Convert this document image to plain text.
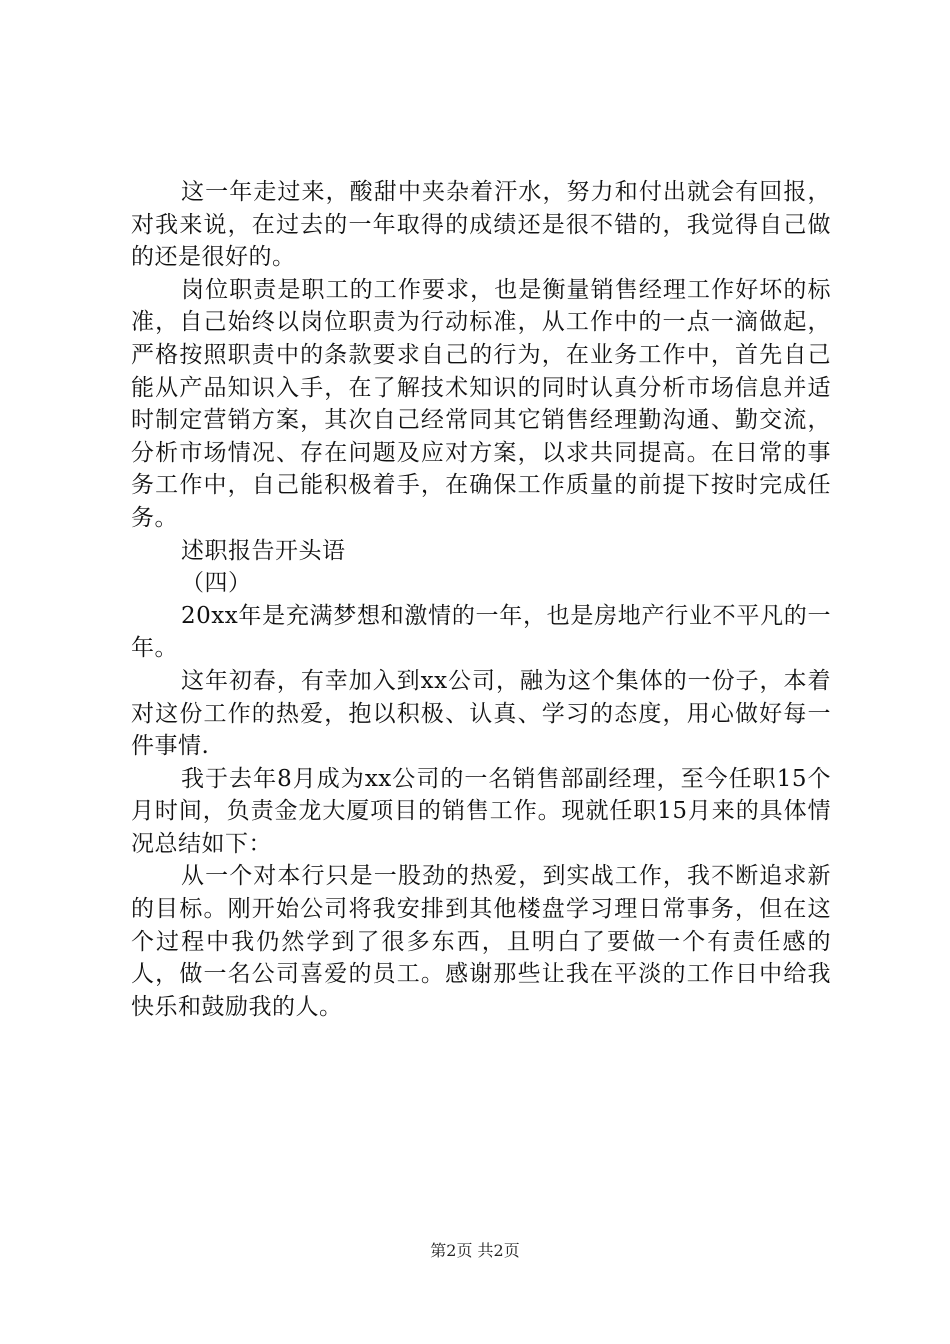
这一年走过来，酸甜中夹杂着汗水，努力和付出就会有回报，对我来说，在过去的一年取得的成绩还是很不错的，我觉得自己做的还是很好的。

岗位职责是职工的工作要求，也是衡量销售经理工作好坏的标准，自己始终以岗位职责为行动标准，从工作中的一点一滴做起，严格按照职责中的条款要求自己的行为，在业务工作中，首先自己能从产品知识入手，在了解技术知识的同时认真分析市场信息并适时制定营销方案，其次自己经常同其它销售经理勤沟通、勤交流，分析市场情况、存在问题及应对方案，以求共同提高。在日常的事务工作中，自己能积极着手，在确保工作质量的前提下按时完成任务。

述职报告开头语

（四）

20xx年是充满梦想和激情的一年，也是房地产行业不平凡的一年。

这年初春，有幸加入到xx公司，融为这个集体的一份子，本着对这份工作的热爱，抱以积极、认真、学习的态度，用心做好每一件事情.

我于去年8月成为xx公司的一名销售部副经理，至今任职15个月时间，负责金龙大厦项目的销售工作。现就任职15月来的具体情况总结如下：

从一个对本行只是一股劲的热爱，到实战工作，我不断追求新的目标。刚开始公司将我安排到其他楼盘学习理日常事务，但在这个过程中我仍然学到了很多东西，且明白了要做一个有责任感的人，做一名公司喜爱的员工。感谢那些让我在平淡的工作日中给我快乐和鼓励我的人。

第2页 共2页
